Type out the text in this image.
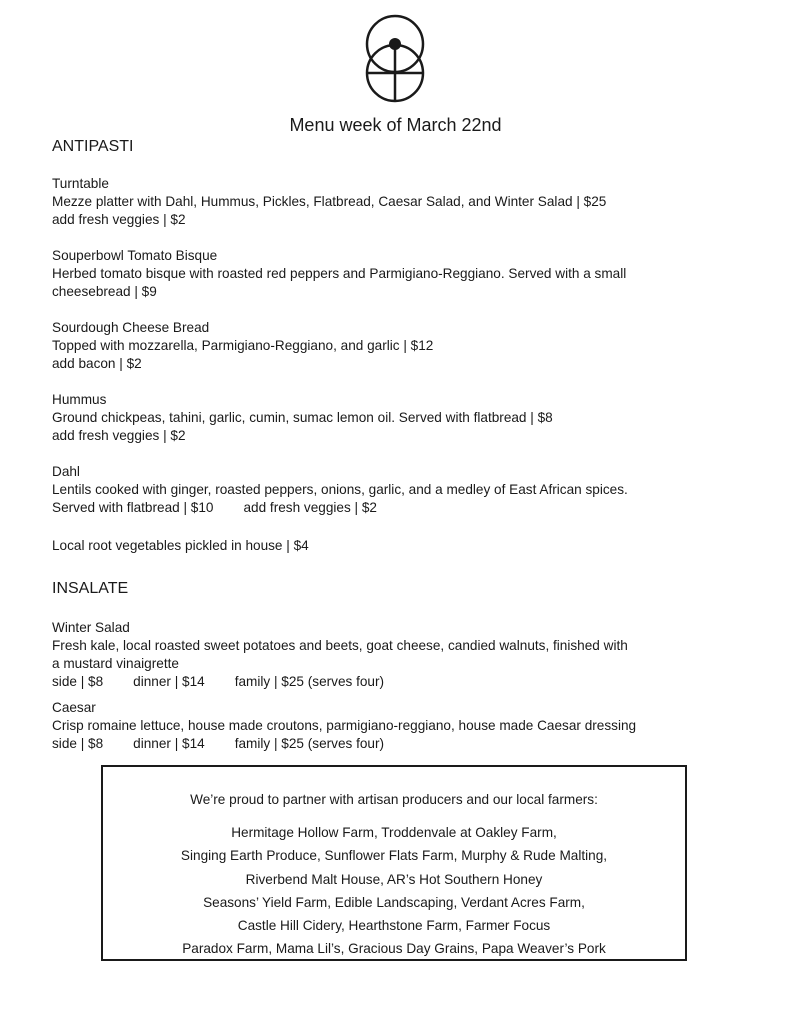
Menu week of March 22nd
ANTIPASTI
Turntable
Mezze platter with Dahl, Hummus, Pickles, Flatbread, Caesar Salad, and Winter Salad | $25
add fresh veggies | $2
Souperbowl Tomato Bisque
Herbed tomato bisque with roasted red peppers and Parmigiano-Reggiano. Served with a small
cheesebread | $9
Sourdough Cheese Bread
Topped with mozzarella, Parmigiano-Reggiano, and garlic | $12
add bacon | $2
Hummus
Ground chickpeas, tahini, garlic, cumin, sumac lemon oil. Served with flatbread | $8
add fresh veggies | $2
Dahl
Lentils cooked with ginger, roasted peppers, onions, garlic, and a medley of East African spices.
Served with flatbread | $10 add fresh veggies | $2
Local root vegetables pickled in house | $4
INSALATE
Winter Salad
Fresh kale, local roasted sweet potatoes and beets, goat cheese, candied walnuts, finished with
a mustard vinaigrette
side | $8 dinner | $14 family | $25 (serves four)
Caesar
Crisp romaine lettuce, house made croutons, parmigiano-reggiano, house made Caesar dressing
side | $8 dinner | $14 family | $25 (serves four)
We’re proud to partner with artisan producers and our local farmers:
Hermitage Hollow Farm, Troddenvale at Oakley Farm,
Singing Earth Produce, Sunflower Flats Farm, Murphy & Rude Malting,
Riverbend Malt House, AR’s Hot Southern Honey
Seasons’ Yield Farm, Edible Landscaping, Verdant Acres Farm,
Castle Hill Cidery, Hearthstone Farm, Farmer Focus
Paradox Farm, Mama Lil’s, Gracious Day Grains, Papa Weaver’s Pork
